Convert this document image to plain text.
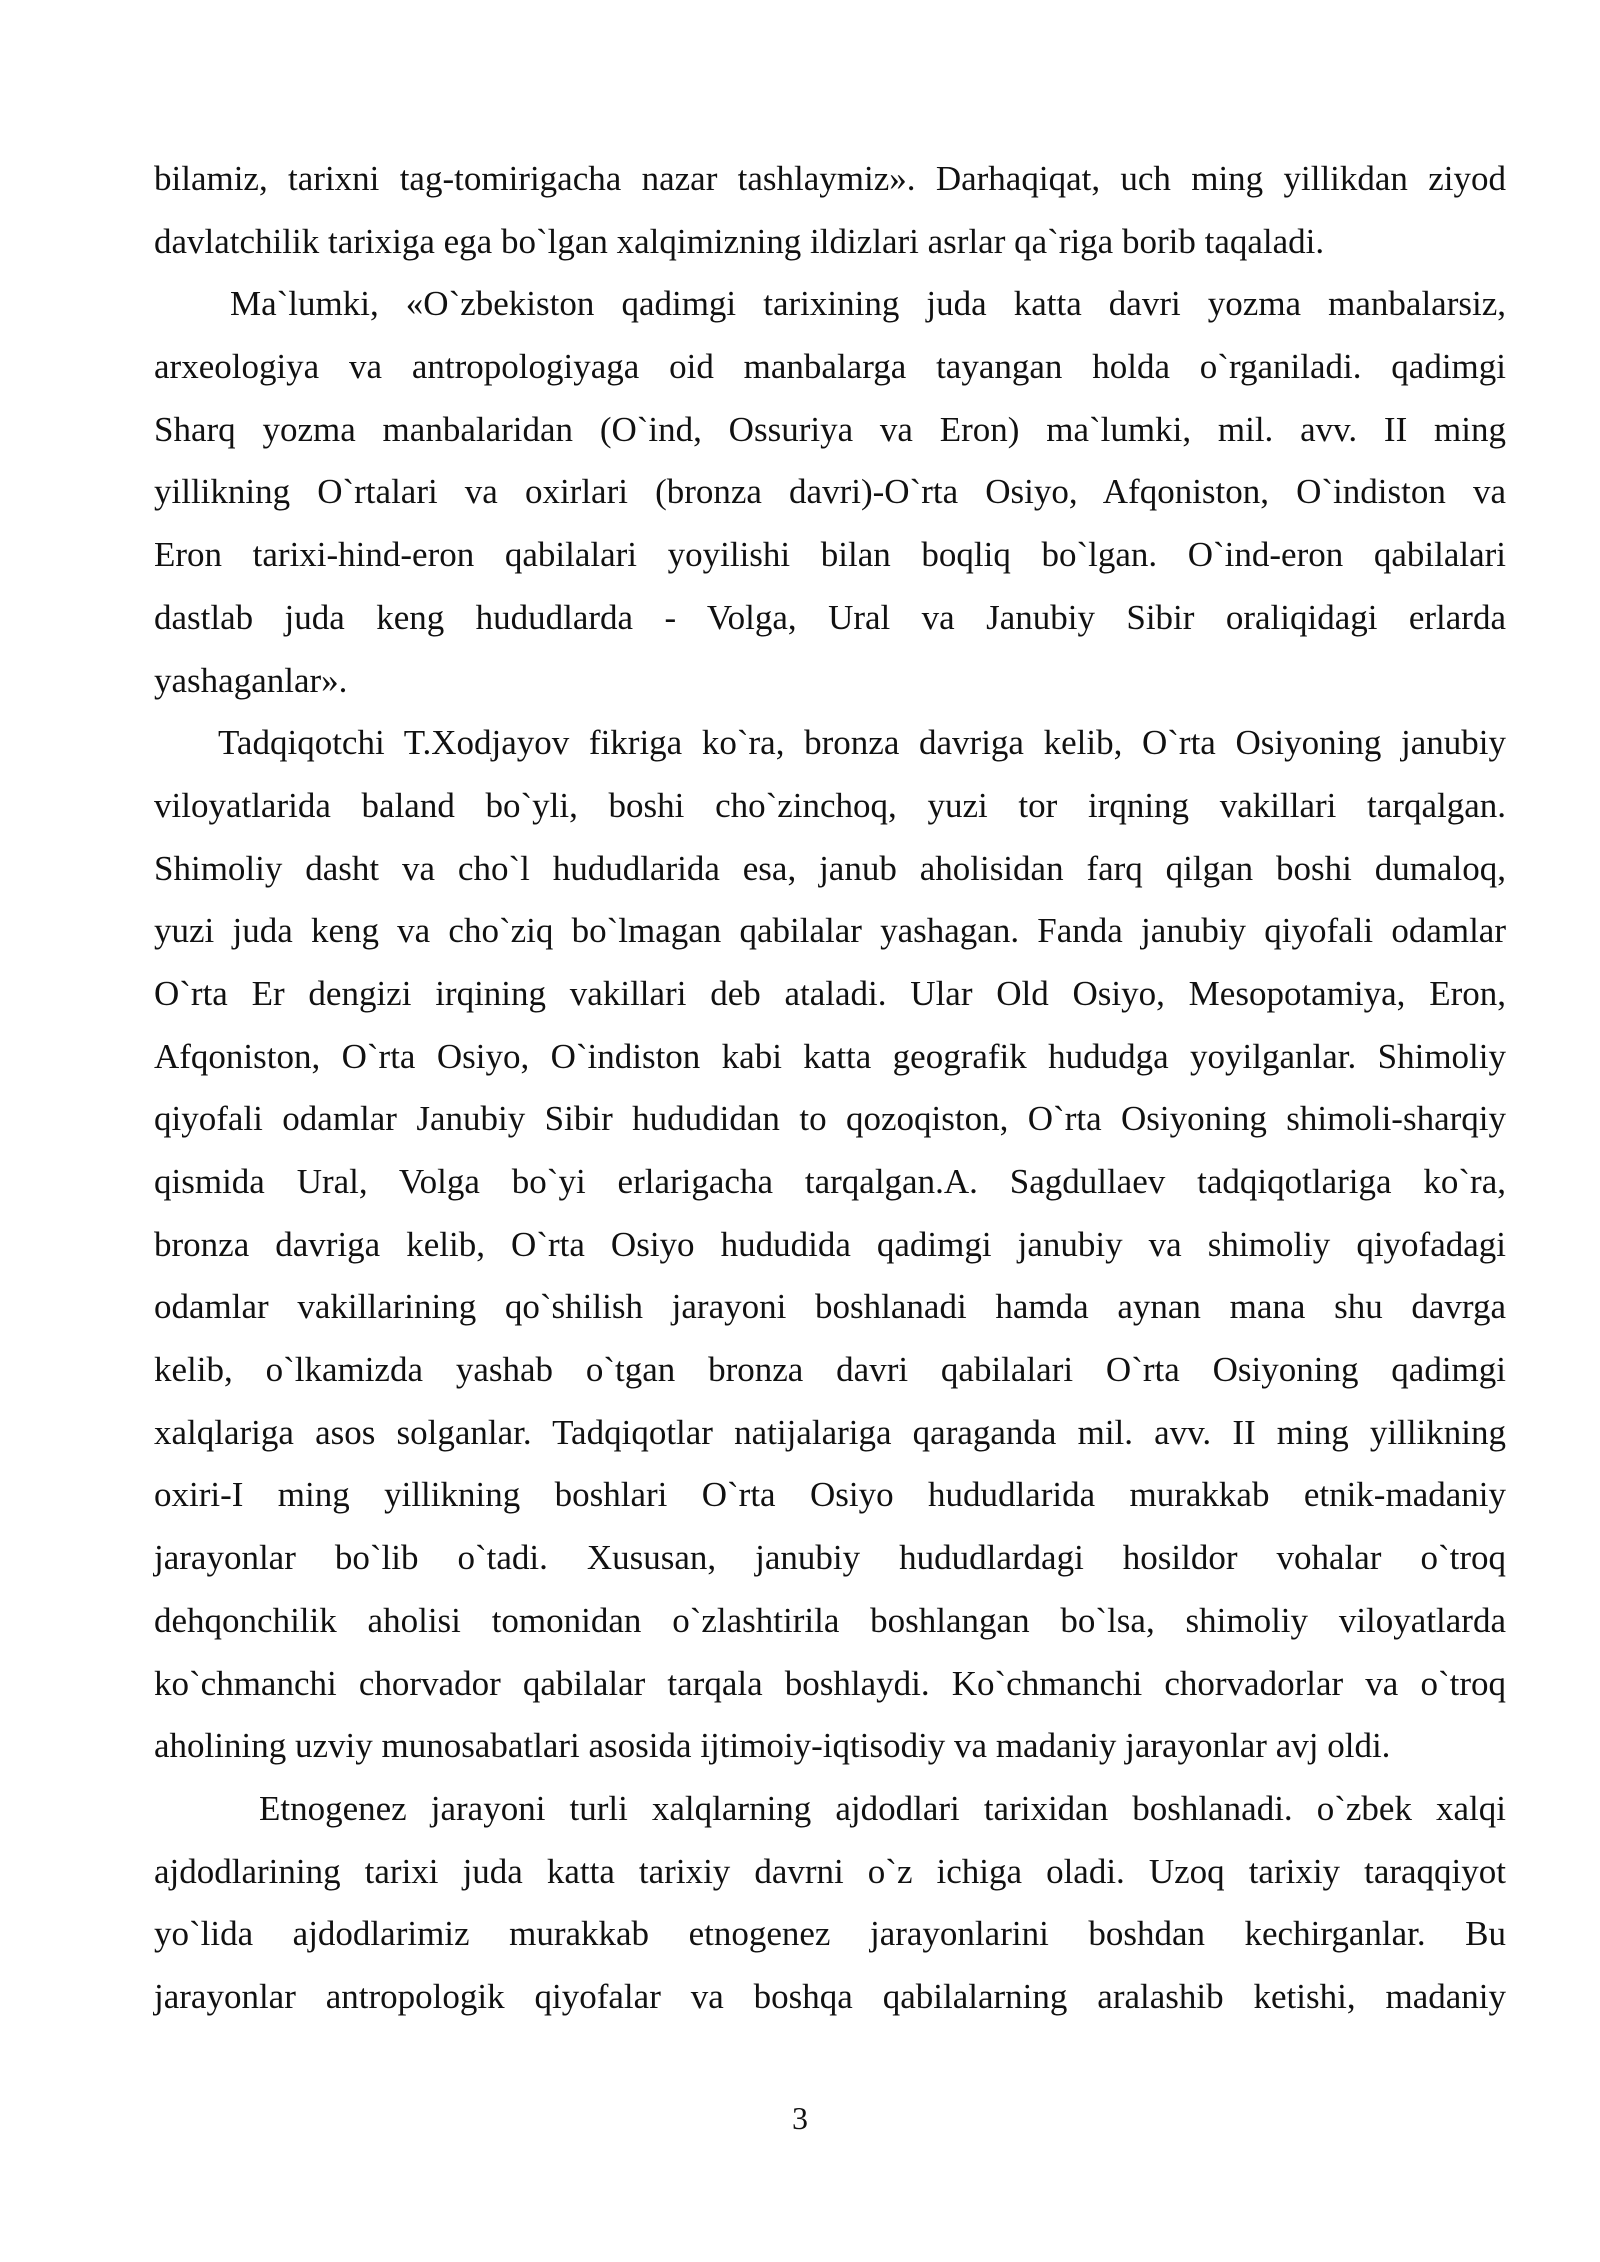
bilamiz, tarixni tag-tomirigacha nazar tashlaymiz». Darhaqiqat, uch ming yillikdan ziyod
davlatchilik tarixiga ega bo`lgan xalqimizning ildizlari asrlar qa`riga borib taqaladi.
Ma`lumki, «O`zbekiston qadimgi tarixining juda katta davri yozma manbalarsiz,
arxeologiya va antropologiyaga oid manbalarga tayangan holda o`rganiladi. qadimgi
Sharq yozma manbalaridan (O`ind, Ossuriya va Eron) ma`lumki, mil. avv. II ming
yillikning O`rtalari va oxirlari (bronza davri)-O`rta Osiyo, Afqoniston, O`indiston va
Eron tarixi-hind-eron qabilalari yoyilishi bilan boqliq bo`lgan. O`ind-eron qabilalari
dastlab juda keng hududlarda - Volga, Ural va Janubiy Sibir oraliqidagi erlarda
yashaganlar».
Tadqiqotchi T.Xodjayov fikriga ko`ra, bronza davriga kelib, O`rta Osiyoning janubiy
viloyatlarida baland bo`yli, boshi cho`zinchoq, yuzi tor irqning vakillari tarqalgan.
Shimoliy dasht va cho`l hududlarida esa, janub aholisidan farq qilgan boshi dumaloq,
yuzi juda keng va cho`ziq bo`lmagan qabilalar yashagan. Fanda janubiy qiyofali odamlar
O`rta Er dengizi irqining vakillari deb ataladi. Ular Old Osiyo, Mesopotamiya, Eron,
Afqoniston, O`rta Osiyo, O`indiston kabi katta geografik hududga yoyilganlar. Shimoliy
qiyofali odamlar Janubiy Sibir hududidan to qozoqiston, O`rta Osiyoning shimoli-sharqiy
qismida Ural, Volga bo`yi erlarigacha tarqalgan.A. Sagdullaev tadqiqotlariga ko`ra,
bronza davriga kelib, O`rta Osiyo hududida qadimgi janubiy va shimoliy qiyofadagi
odamlar vakillarining qo`shilish jarayoni boshlanadi hamda aynan mana shu davrga
kelib, o`lkamizda yashab o`tgan bronza davri qabilalari O`rta Osiyoning qadimgi
xalqlariga asos solganlar. Tadqiqotlar natijalariga qaraganda mil. avv. II ming yillikning
oxiri-I ming yillikning boshlari O`rta Osiyo hududlarida murakkab etnik-madaniy
jarayonlar bo`lib o`tadi. Xususan, janubiy hududlardagi hosildor vohalar o`troq
dehqonchilik aholisi tomonidan o`zlashtirila boshlangan bo`lsa, shimoliy viloyatlarda
ko`chmanchi chorvador qabilalar tarqala boshlaydi. Ko`chmanchi chorvadorlar va o`troq
aholining uzviy munosabatlari asosida ijtimoiy-iqtisodiy va madaniy jarayonlar avj oldi.
Etnogenez jarayoni turli xalqlarning ajdodlari tarixidan boshlanadi. o`zbek xalqi
ajdodlarining tarixi juda katta tarixiy davrni o`z ichiga oladi. Uzoq tarixiy taraqqiyot
yo`lida ajdodlarimiz murakkab etnogenez jarayonlarini boshdan kechirganlar. Bu
jarayonlar antropologik qiyofalar va boshqa qabilalarning aralashib ketishi, madaniy
3
